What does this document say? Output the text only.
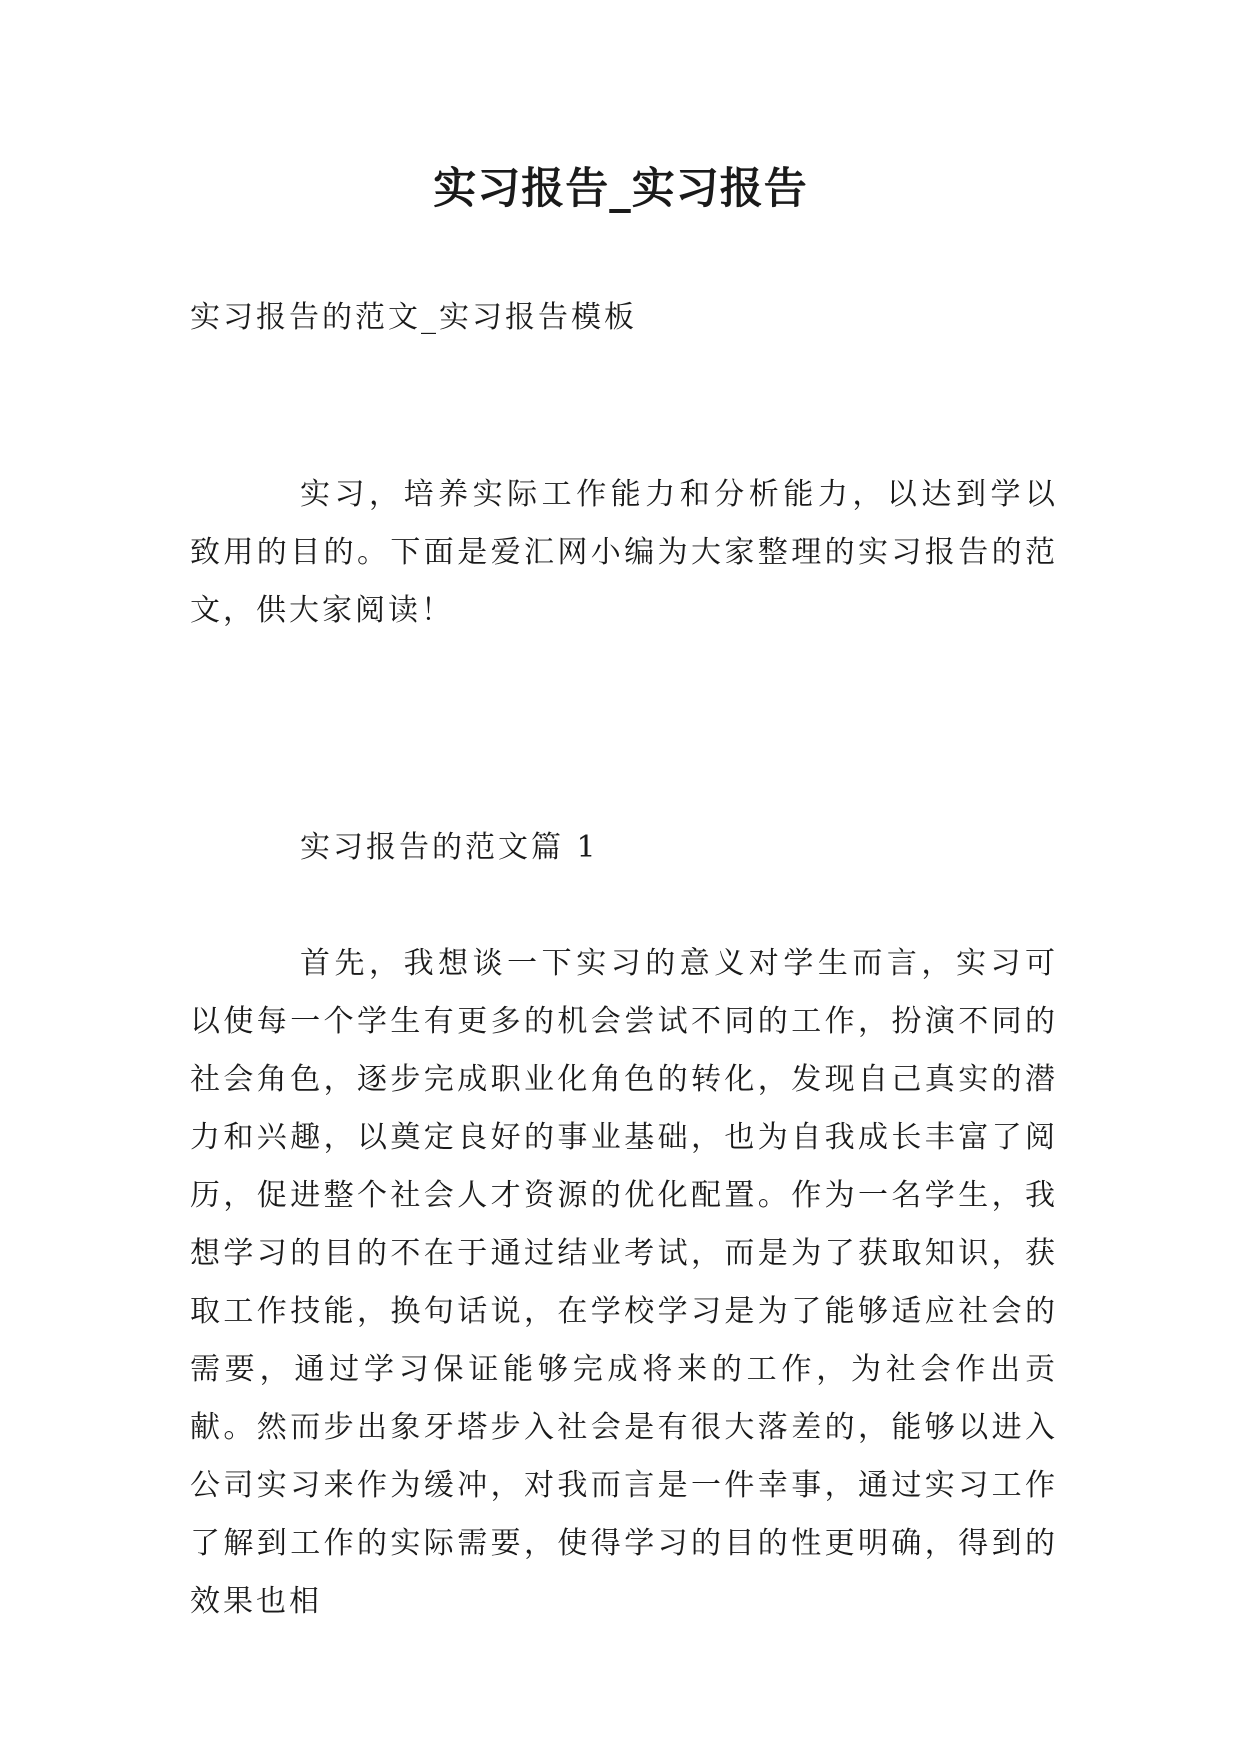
实习报告_实习报告

实习报告的范文_实习报告模板

实习，培养实际工作能力和分析能力，以达到学以致用的目的。下面是爱汇网小编为大家整理的实习报告的范文，供大家阅读！

实习报告的范文篇 1

首先，我想谈一下实习的意义对学生而言，实习可以使每一个学生有更多的机会尝试不同的工作，扮演不同的社会角色，逐步完成职业化角色的转化，发现自己真实的潜力和兴趣，以奠定良好的事业基础，也为自我成长丰富了阅历，促进整个社会人才资源的优化配置。作为一名学生，我想学习的目的不在于通过结业考试，而是为了获取知识，获取工作技能，换句话说，在学校学习是为了能够适应社会的需要，通过学习保证能够完成将来的工作，为社会作出贡献。然而步出象牙塔步入社会是有很大落差的，能够以进入公司实习来作为缓冲，对我而言是一件幸事，通过实习工作了解到工作的实际需要，使得学习的目的性更明确，得到的效果也相
